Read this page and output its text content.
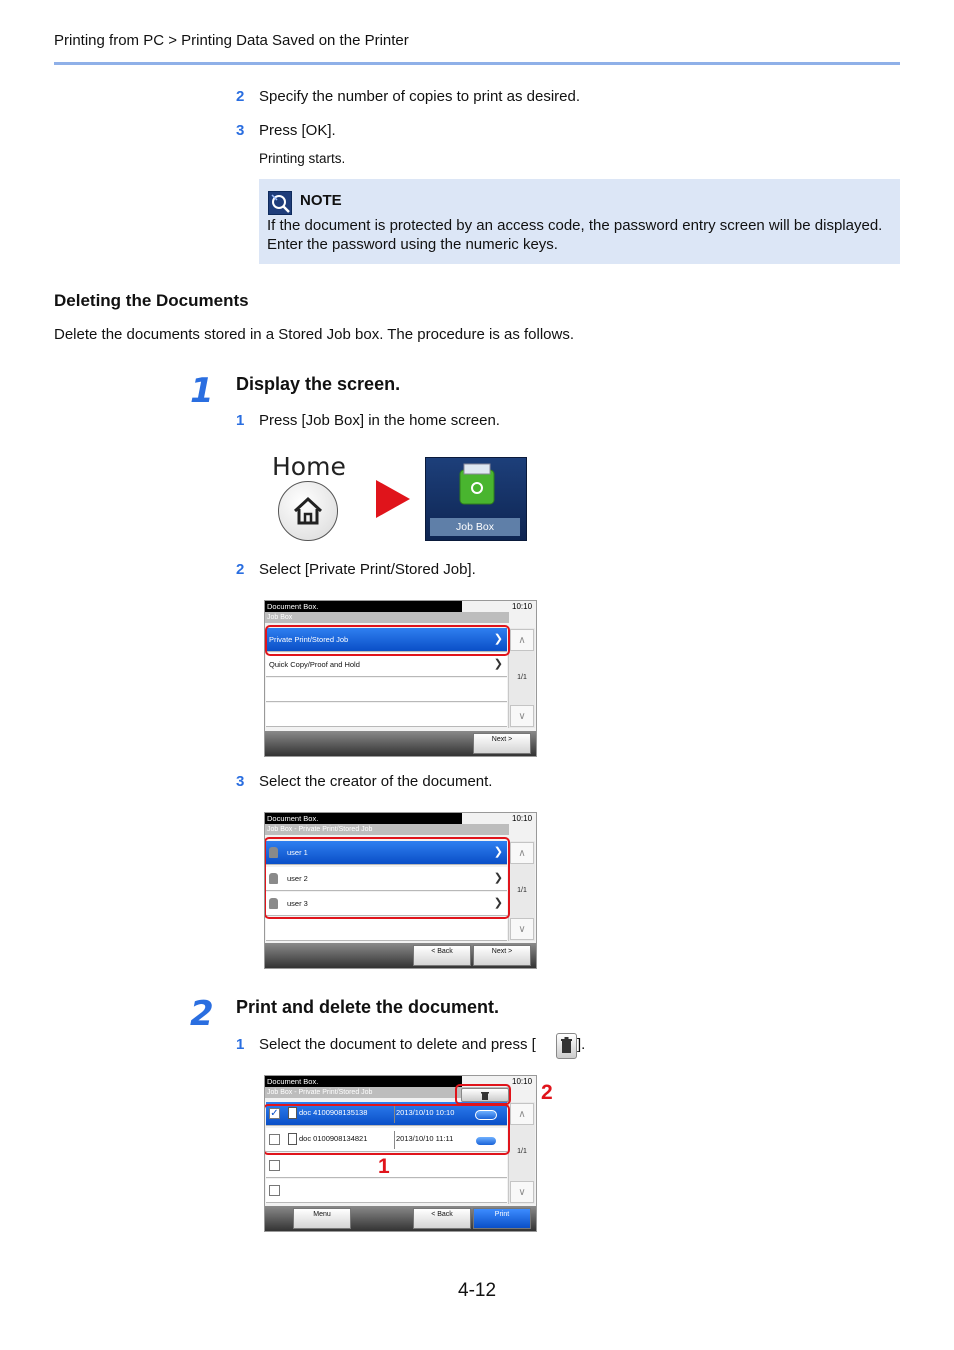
Printing from PC > Printing Data Saved on the Printer
2 Specify the number of copies to print as desired.
3 Press [OK].
Printing starts.
NOTE
If the document is protected by an access code, the password entry screen will be displayed. Enter the password using the numeric keys.
Deleting the Documents
Delete the documents stored in a Stored Job box. The procedure is as follows.
1 Display the screen.
1 Press [Job Box] in the home screen.
Home
Job Box
2 Select [Private Print/Stored Job].
Document Box.	10:10
Job Box
Private Print/Stored Job	❯
Quick Copy/Proof and Hold	❯
∧
1/1
∨
Next >
3 Select the creator of the document.
Document Box.	10:10
Job Box - Private Print/Stored Job
user 1	❯
user 2	❯
user 3	❯
∧
1/1
∨
< Back	Next >
2 Print and delete the document.
1 Select the document to delete and press [	].
Document Box.	10:10
Job Box - Private Print/Stored Job
✓	doc 4100908135138	2013/10/10 10:10
doc 0100908134821	2013/10/10 11:11
∧
1/1
∨
Menu	< Back	Print
1
2
4-12
